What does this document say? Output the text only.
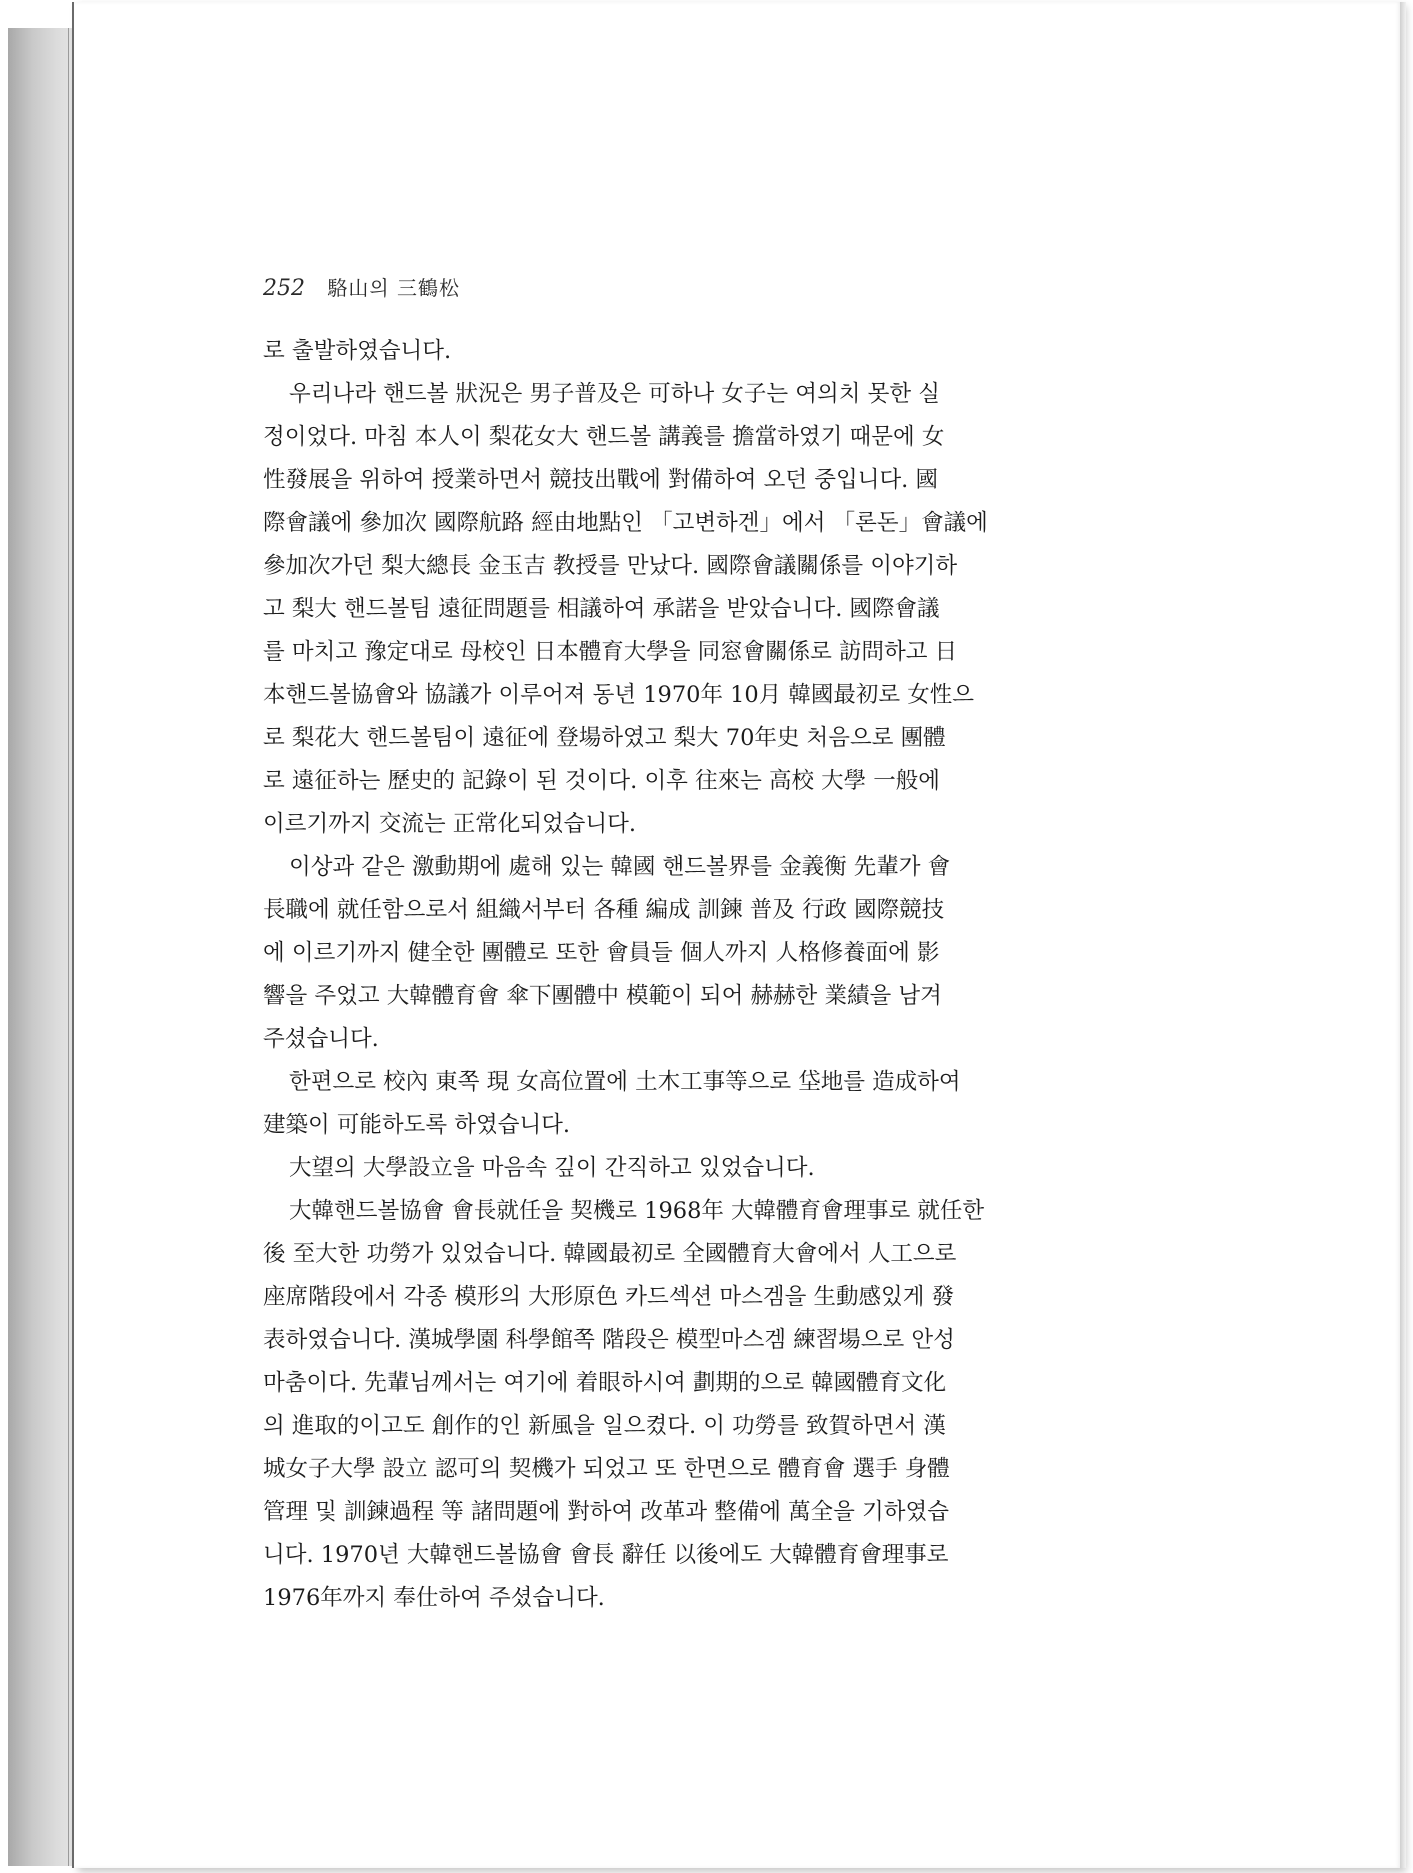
252 駱山의 三鶴松

로 출발하였습니다.

우리나라 핸드볼 狀況은 男子普及은 可하나 女子는 여의치 못한 실
정이었다. 마침 本人이 梨花女大 핸드볼 講義를 擔當하였기 때문에 女
性發展을 위하여 授業하면서 競技出戰에 對備하여 오던 중입니다. 國
際會議에 參加次 國際航路 經由地點인 「고변하겐」에서 「론돈」會議에
參加次가던 梨大總長 金玉吉 教授를 만났다. 國際會議關係를 이야기하
고 梨大 핸드볼팀 遠征問題를 相議하여 承諾을 받았습니다. 國際會議
를 마치고 豫定대로 母校인 日本體育大學을 同窓會關係로 訪問하고 日
本핸드볼協會와 協議가 이루어져 동년 1970年 10月 韓國最初로 女性으
로 梨花大 핸드볼팀이 遠征에 登場하였고 梨大 70年史 처음으로 團體
로 遠征하는 歷史的 記錄이 된 것이다. 이후 往來는 高校 大學 一般에
이르기까지 交流는 正常化되었습니다.

이상과 같은 激動期에 處해 있는 韓國 핸드볼界를 金義衡 先輩가 會
長職에 就任함으로서 組織서부터 各種 編成 訓鍊 普及 行政 國際競技
에 이르기까지 健全한 團體로 또한 會員들 個人까지 人格修養面에 影
響을 주었고 大韓體育會 傘下團體中 模範이 되어 赫赫한 業績을 남겨
주셨습니다.

한편으로 校內 東쪽 現 女高位置에 土木工事等으로 垈地를 造成하여
建築이 可能하도록 하였습니다.

大望의 大學設立을 마음속 깊이 간직하고 있었습니다.

大韓핸드볼協會 會長就任을 契機로 1968年 大韓體育會理事로 就任한
後 至大한 功勞가 있었습니다. 韓國最初로 全國體育大會에서 人工으로
座席階段에서 각종 模形의 大形原色 카드섹션 마스겜을 生動感있게 發
表하였습니다. 漢城學園 科學館쪽 階段은 模型마스겜 練習場으로 안성
마춤이다. 先輩님께서는 여기에 着眼하시여 劃期的으로 韓國體育文化
의 進取的이고도 創作的인 新風을 일으켰다. 이 功勞를 致賀하면서 漢
城女子大學 設立 認可의 契機가 되었고 또 한면으로 體育會 選手 身體
管理 및 訓鍊過程 等 諸問題에 對하여 改革과 整備에 萬全을 기하였습
니다. 1970년 大韓핸드볼協會 會長 辭任 以後에도 大韓體育會理事로
1976年까지 奉仕하여 주셨습니다.
